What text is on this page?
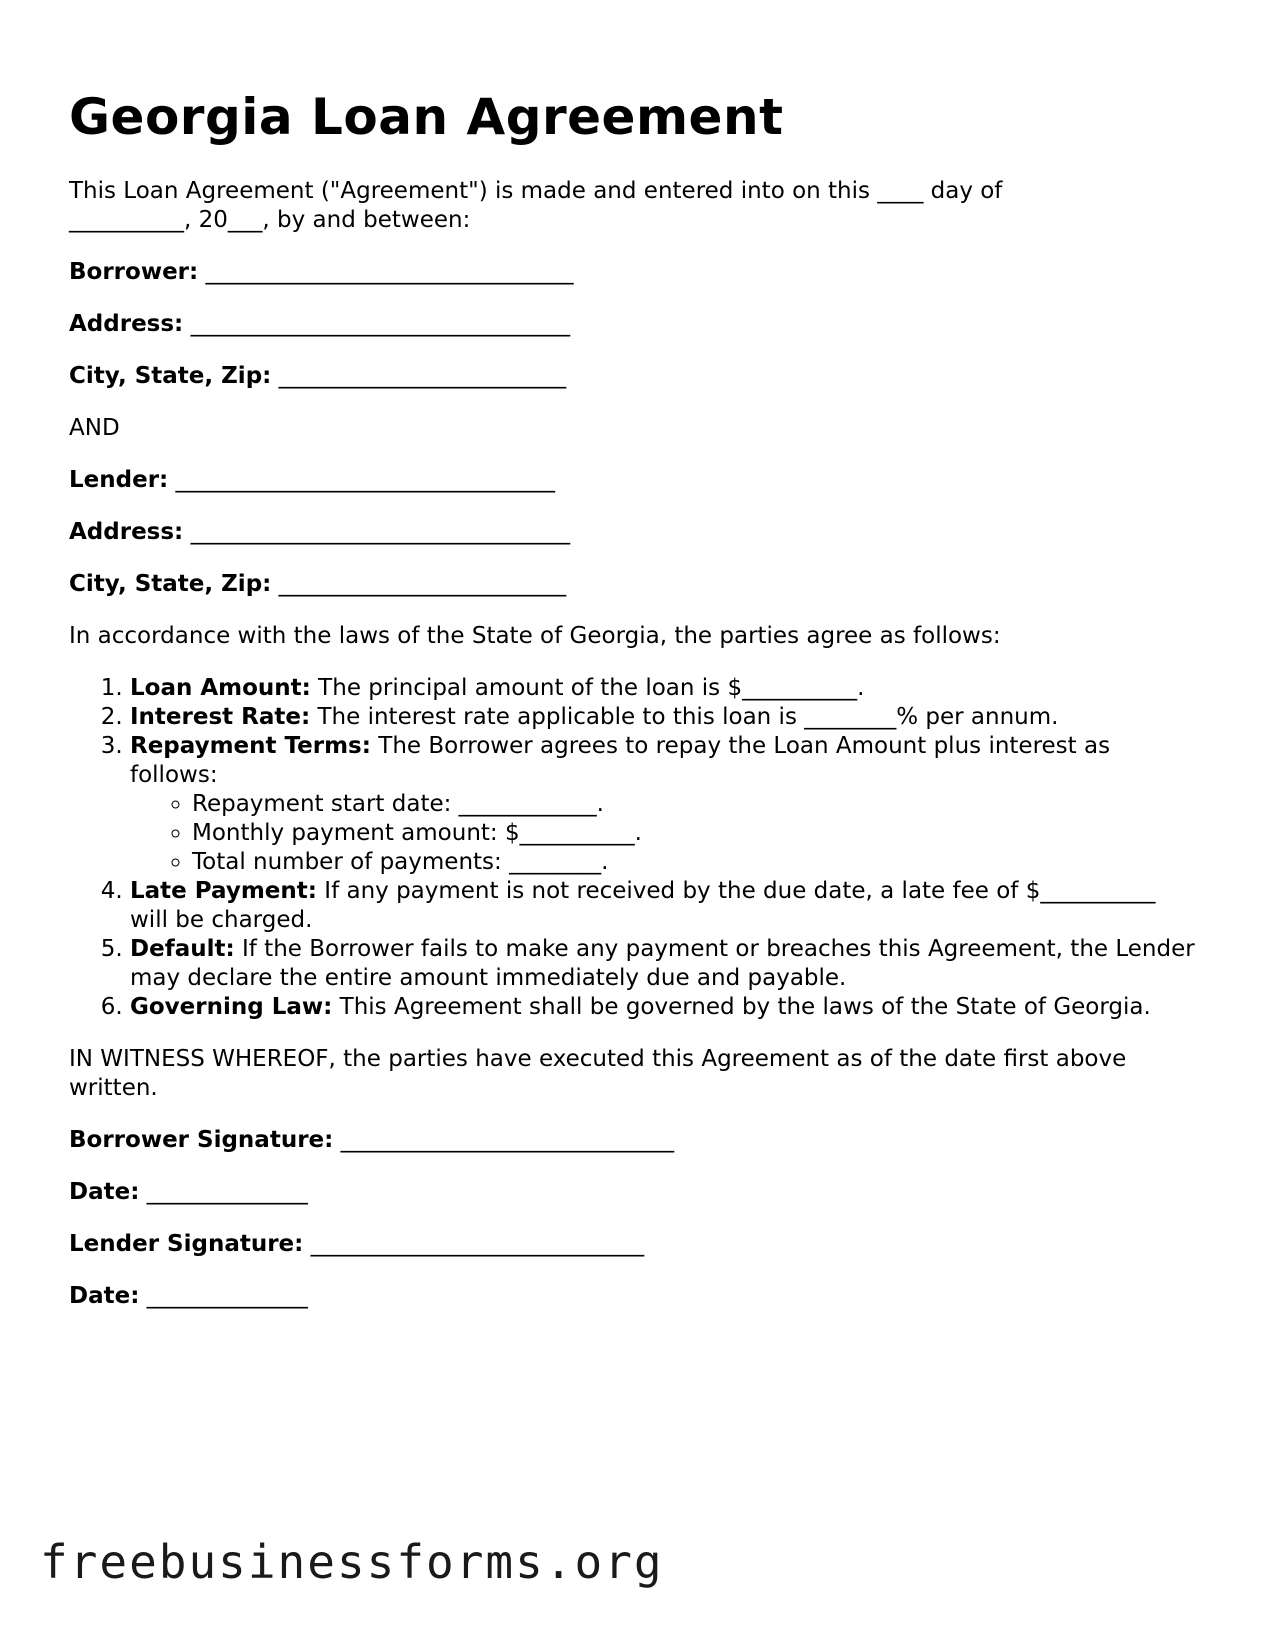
Georgia Loan Agreement

This Loan Agreement ("Agreement") is made and entered into on this ____ day of
__________, 20___, by and between:

Borrower: ________________________________

Address: _________________________________

City, State, Zip: _________________________

AND

Lender: _________________________________

Address: _________________________________

City, State, Zip: _________________________

In accordance with the laws of the State of Georgia, the parties agree as follows:

1. Loan Amount: The principal amount of the loan is $__________.
2. Interest Rate: The interest rate applicable to this loan is ________% per annum.
3. Repayment Terms: The Borrower agrees to repay the Loan Amount plus interest as follows:
◦ Repayment start date: ____________.
◦ Monthly payment amount: $__________.
◦ Total number of payments: ________.
4. Late Payment: If any payment is not received by the due date, a late fee of $__________ will be charged.
5. Default: If the Borrower fails to make any payment or breaches this Agreement, the Lender may declare the entire amount immediately due and payable.
6. Governing Law: This Agreement shall be governed by the laws of the State of Georgia.

IN WITNESS WHEREOF, the parties have executed this Agreement as of the date first above written.

Borrower Signature: _____________________________

Date: ______________

Lender Signature: _____________________________

Date: ______________

freebusinessforms.org
